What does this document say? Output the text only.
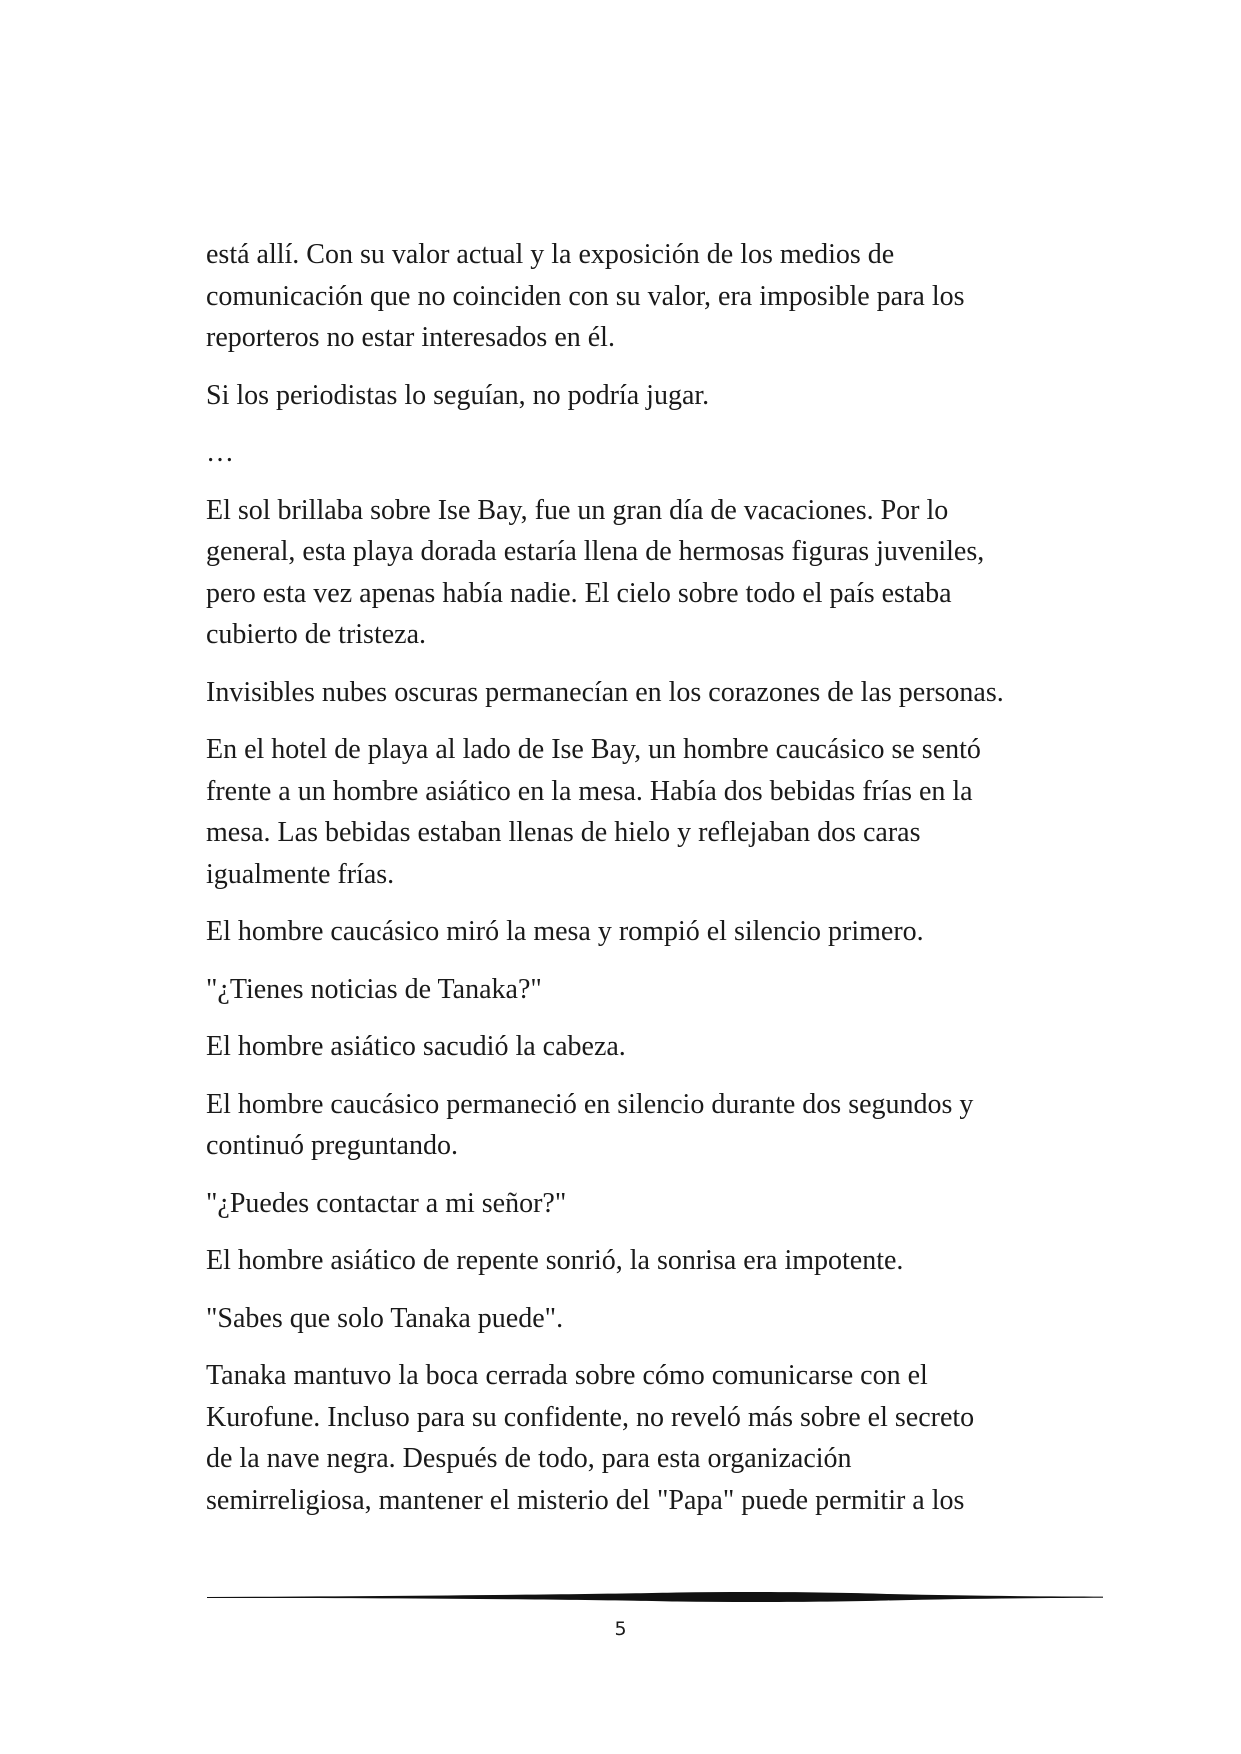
está allí. Con su valor actual y la exposición de los medios de
comunicación que no coinciden con su valor, era imposible para los
reporteros no estar interesados en él.

Si los periodistas lo seguían, no podría jugar.

…

El sol brillaba sobre Ise Bay, fue un gran día de vacaciones. Por lo
general, esta playa dorada estaría llena de hermosas figuras juveniles,
pero esta vez apenas había nadie. El cielo sobre todo el país estaba
cubierto de tristeza.

Invisibles nubes oscuras permanecían en los corazones de las personas.

En el hotel de playa al lado de Ise Bay, un hombre caucásico se sentó
frente a un hombre asiático en la mesa. Había dos bebidas frías en la
mesa. Las bebidas estaban llenas de hielo y reflejaban dos caras
igualmente frías.

El hombre caucásico miró la mesa y rompió el silencio primero.

"¿Tienes noticias de Tanaka?"

El hombre asiático sacudió la cabeza.

El hombre caucásico permaneció en silencio durante dos segundos y
continuó preguntando.

"¿Puedes contactar a mi señor?"

El hombre asiático de repente sonrió, la sonrisa era impotente.

"Sabes que solo Tanaka puede".

Tanaka mantuvo la boca cerrada sobre cómo comunicarse con el
Kurofune. Incluso para su confidente, no reveló más sobre el secreto
de la nave negra. Después de todo, para esta organización
semirreligiosa, mantener el misterio del "Papa" puede permitir a los

5
